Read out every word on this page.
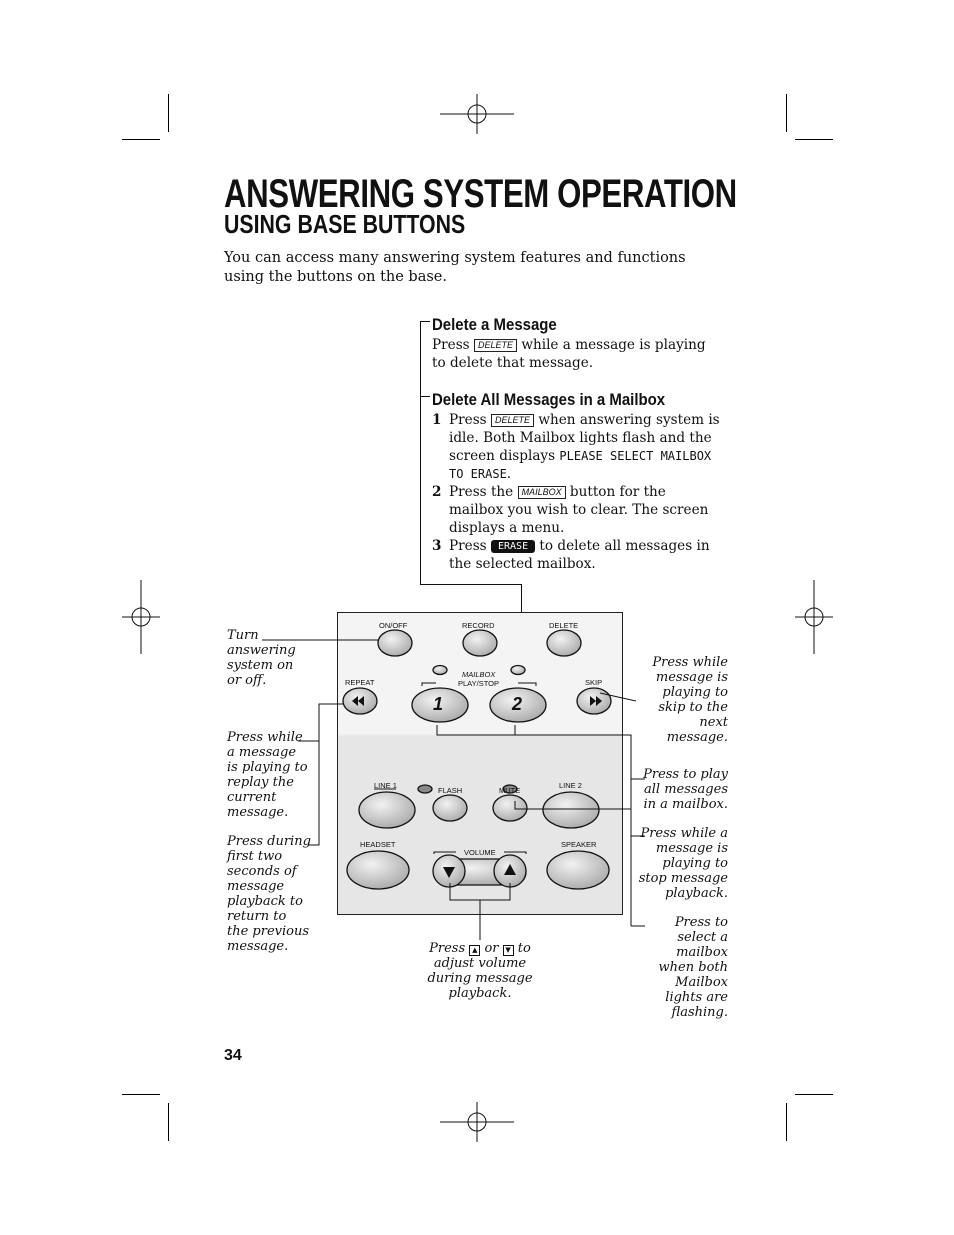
ANSWERING SYSTEM OPERATION
USING BASE BUTTONS
You can access many answering system features and functions using the buttons on the base.
Delete a Message
Press DELETE while a message is playing to delete that message.
Delete All Messages in a Mailbox
1 Press DELETE when answering system is idle. Both Mailbox lights flash and the screen displays PLEASE SELECT MAILBOX TO ERASE.
2 Press the MAILBOX button for the mailbox you wish to clear. The screen displays a menu.
3 Press ERASE to delete all messages in the selected mailbox.
ON/OFF	RECORD	DELETE
MAILBOX
PLAY/STOP
REPEAT	SKIP
1	2
LINE 1
FLASH	MUTE
LINE 2
HEADSET
VOLUME
SPEAKER
Turn answering system on or off.
Press while a message is playing to replay the current message.
Press during first two seconds of message playback to return to the previous message.
Press while message is playing to skip to the next message.
Press to play all messages in a mailbox.
Press while a message is playing to stop message playback.
Press to select a mailbox when both Mailbox lights are flashing.
Press ▲ or ▼ to adjust volume during message playback.
34
